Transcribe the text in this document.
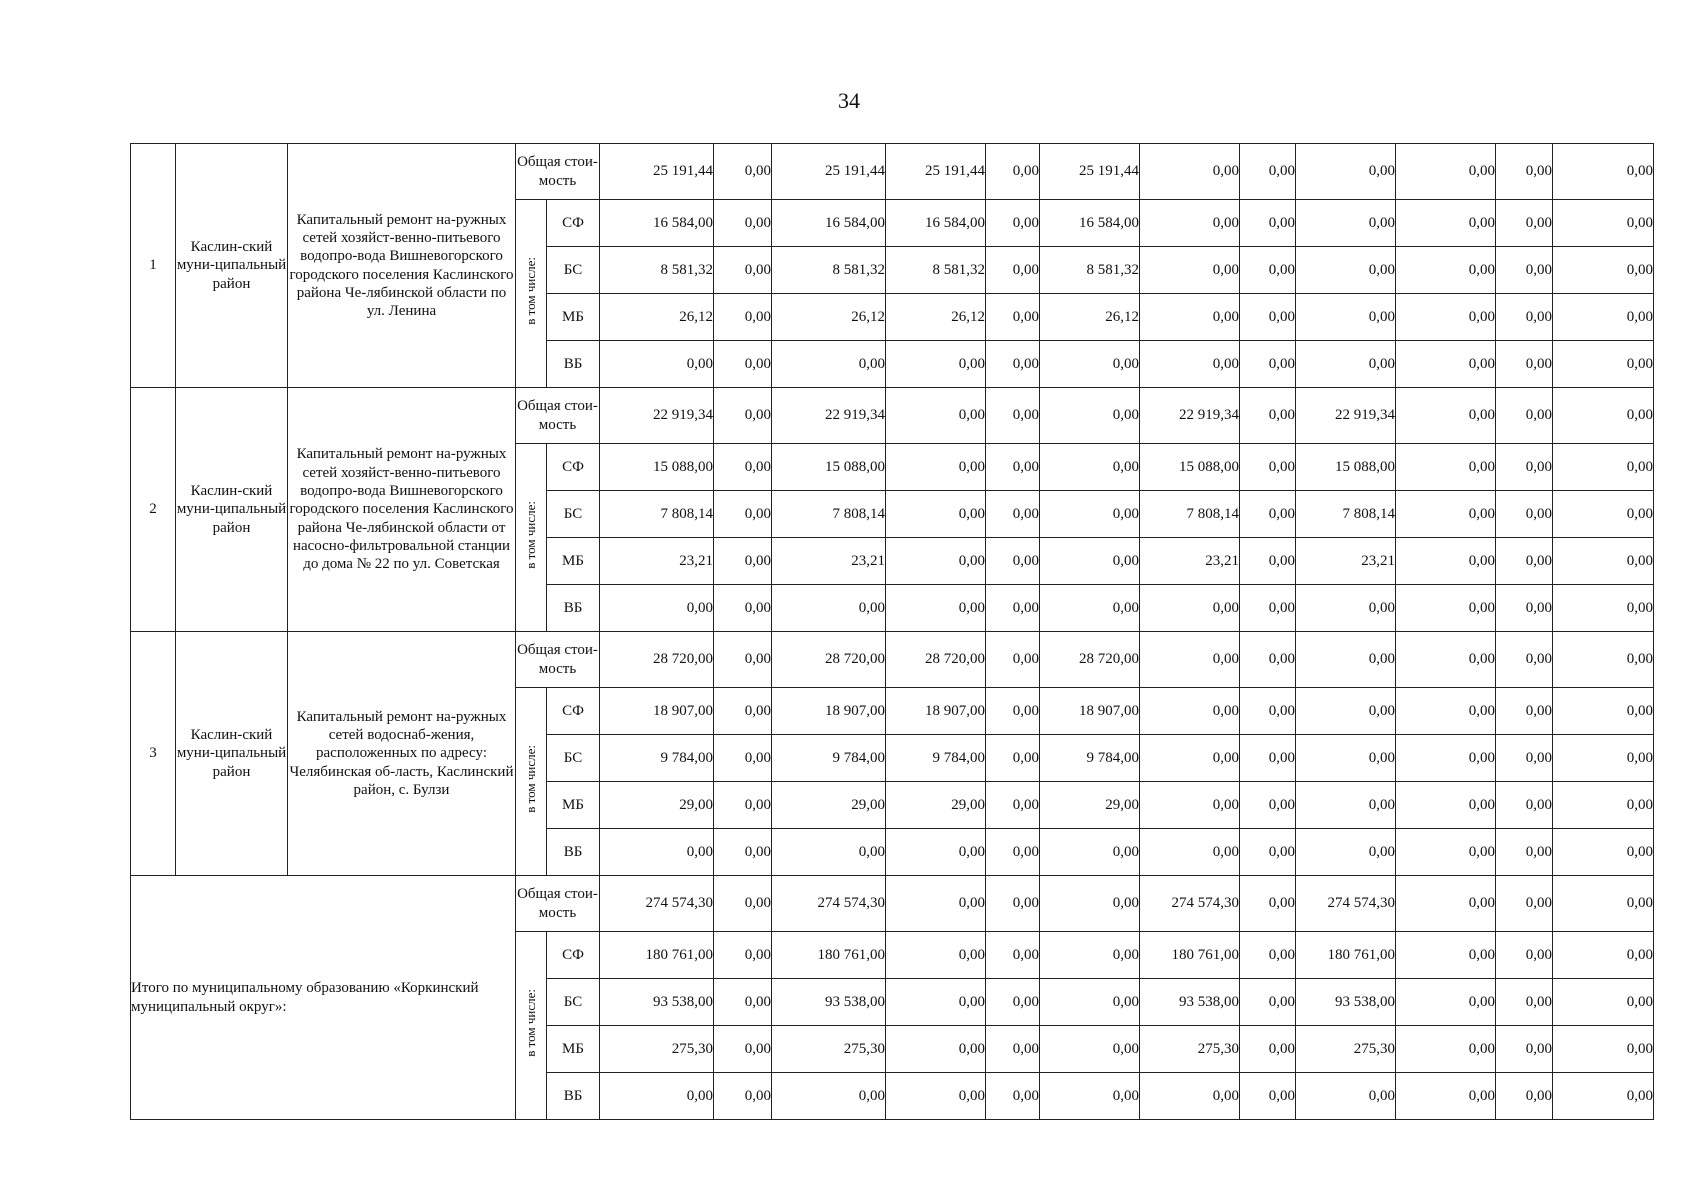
34
1	Каслин-ский муни-ципальный район	Капитальный ремонт на-ружных сетей хозяйст-венно-питьевого водопро-вода Вишневогорского городского поселения Каслинского района Че-лябинской области по ул. Ленина	Общая стои-мость		25 191,44	0,00	25 191,44	25 191,44	0,00	25 191,44	0,00	0,00	0,00	0,00	0,00	0,00
			в том числе:	СФ	16 584,00	0,00	16 584,00	16 584,00	0,00	16 584,00	0,00	0,00	0,00	0,00	0,00	0,00
				БС	8 581,32	0,00	8 581,32	8 581,32	0,00	8 581,32	0,00	0,00	0,00	0,00	0,00	0,00
				МБ	26,12	0,00	26,12	26,12	0,00	26,12	0,00	0,00	0,00	0,00	0,00	0,00
				ВБ	0,00	0,00	0,00	0,00	0,00	0,00	0,00	0,00	0,00	0,00	0,00	0,00
2	Каслин-ский муни-ципальный район	Капитальный ремонт на-ружных сетей хозяйст-венно-питьевого водопро-вода Вишневогорского городского поселения Каслинского района Че-лябинской области от насосно-фильтровальной станции до дома № 22 по ул. Советская	Общая стои-мость		22 919,34	0,00	22 919,34	0,00	0,00	0,00	22 919,34	0,00	22 919,34	0,00	0,00	0,00
			в том числе:	СФ	15 088,00	0,00	15 088,00	0,00	0,00	0,00	15 088,00	0,00	15 088,00	0,00	0,00	0,00
				БС	7 808,14	0,00	7 808,14	0,00	0,00	0,00	7 808,14	0,00	7 808,14	0,00	0,00	0,00
				МБ	23,21	0,00	23,21	0,00	0,00	0,00	23,21	0,00	23,21	0,00	0,00	0,00
				ВБ	0,00	0,00	0,00	0,00	0,00	0,00	0,00	0,00	0,00	0,00	0,00	0,00
3	Каслин-ский муни-ципальный район	Капитальный ремонт на-ружных сетей водоснаб-жения, расположенных по адресу: Челябинская об-ласть, Каслинский район, с. Булзи	Общая стои-мость		28 720,00	0,00	28 720,00	28 720,00	0,00	28 720,00	0,00	0,00	0,00	0,00	0,00	0,00
			в том числе:	СФ	18 907,00	0,00	18 907,00	18 907,00	0,00	18 907,00	0,00	0,00	0,00	0,00	0,00	0,00
				БС	9 784,00	0,00	9 784,00	9 784,00	0,00	9 784,00	0,00	0,00	0,00	0,00	0,00	0,00
				МБ	29,00	0,00	29,00	29,00	0,00	29,00	0,00	0,00	0,00	0,00	0,00	0,00
				ВБ	0,00	0,00	0,00	0,00	0,00	0,00	0,00	0,00	0,00	0,00	0,00	0,00
Итого по муниципальному образованию «Коркинский муниципальный округ»:			Общая стои-мость		274 574,30	0,00	274 574,30	0,00	0,00	0,00	274 574,30	0,00	274 574,30	0,00	0,00	0,00
			в том числе:	СФ	180 761,00	0,00	180 761,00	0,00	0,00	0,00	180 761,00	0,00	180 761,00	0,00	0,00	0,00
				БС	93 538,00	0,00	93 538,00	0,00	0,00	0,00	93 538,00	0,00	93 538,00	0,00	0,00	0,00
				МБ	275,30	0,00	275,30	0,00	0,00	0,00	275,30	0,00	275,30	0,00	0,00	0,00
				ВБ	0,00	0,00	0,00	0,00	0,00	0,00	0,00	0,00	0,00	0,00	0,00	0,00
